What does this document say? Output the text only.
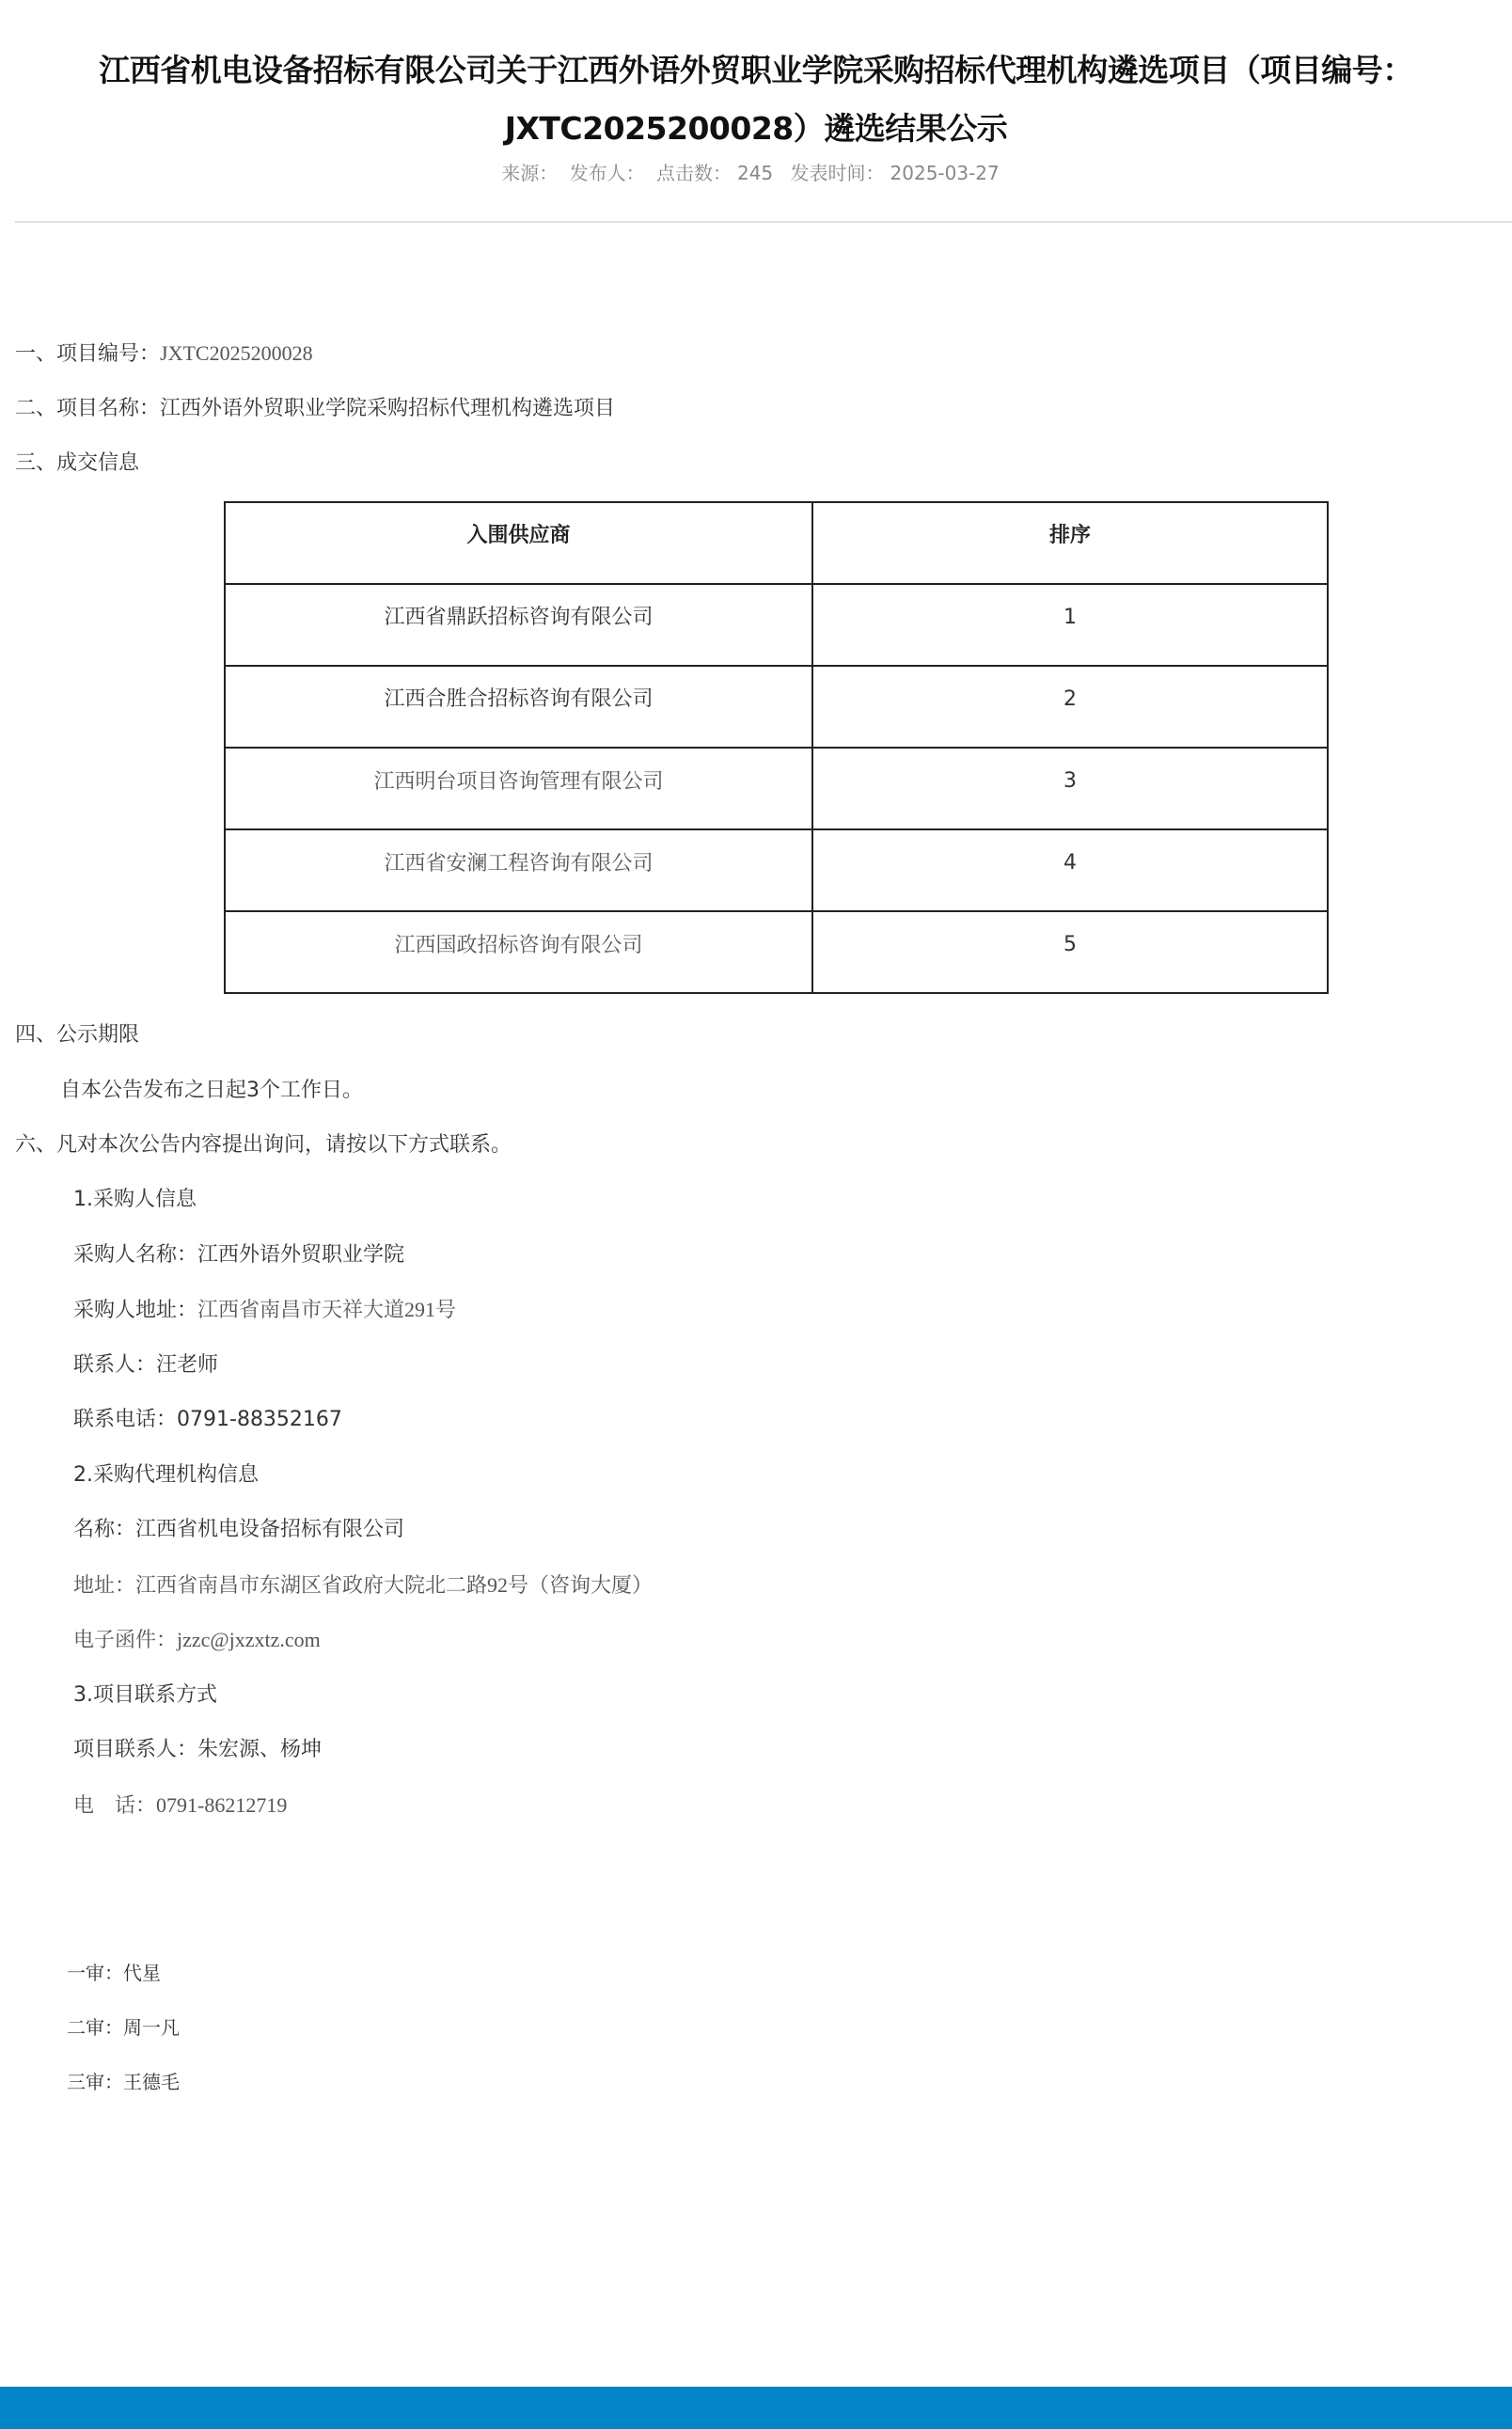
江西省机电设备招标有限公司关于江西外语外贸职业学院采购招标代理机构遴选项目（项目编号：JXTC2025200028）遴选结果公示
来源： 发布人： 点击数： 245 发表时间： 2025-03-27
一、项目编号：JXTC2025200028
二、项目名称：江西外语外贸职业学院采购招标代理机构遴选项目
三、成交信息
入围供应商	排序
江西省鼎跃招标咨询有限公司	1
江西合胜合招标咨询有限公司	2
江西明台项目咨询管理有限公司	3
江西省安澜工程咨询有限公司	4
江西国政招标咨询有限公司	5
四、公示期限
自本公告发布之日起3个工作日。
六、凡对本次公告内容提出询问，请按以下方式联系。
1.采购人信息
采购人名称：江西外语外贸职业学院
采购人地址：江西省南昌市天祥大道291号
联系人：汪老师
联系电话：0791-88352167
2.采购代理机构信息
名称：江西省机电设备招标有限公司
地址：江西省南昌市东湖区省政府大院北二路92号（咨询大厦）
电子函件：jzzc@jxzxtz.com
3.项目联系方式
项目联系人：朱宏源、杨坤
电　话：0791-86212719
一审：代星
二审：周一凡
三审：王德毛
